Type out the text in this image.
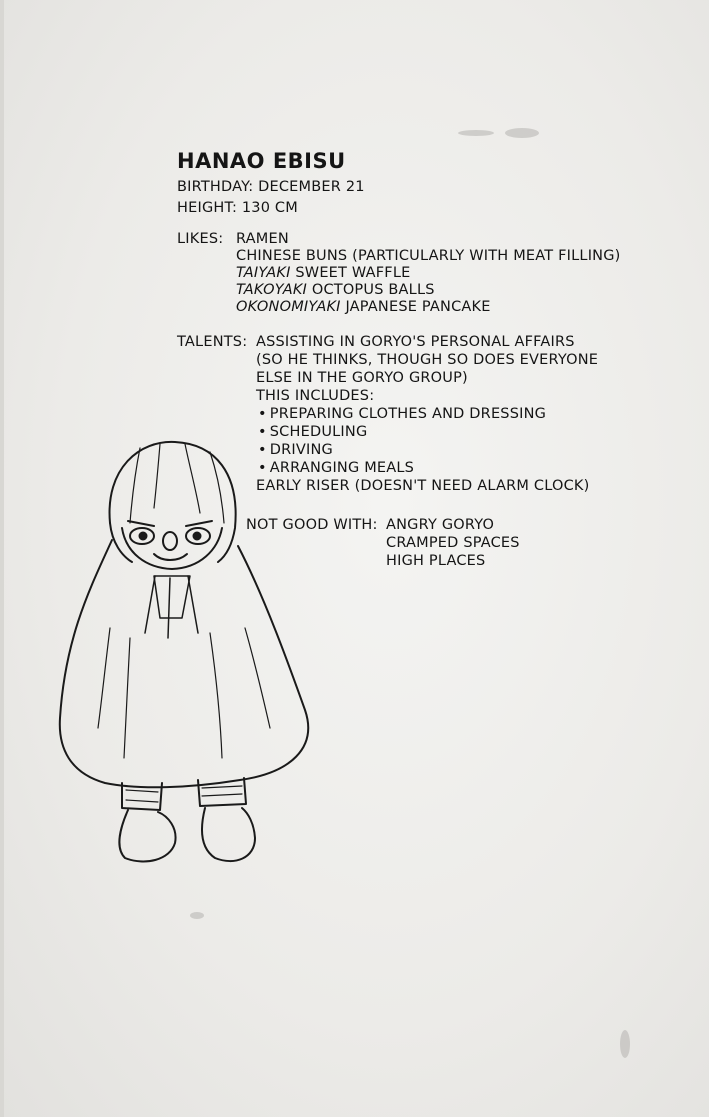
HANAO EBISU
BIRTHDAY: DECEMBER 21
HEIGHT: 130 CM
LIKES: RAMEN
CHINESE BUNS (PARTICULARLY WITH MEAT FILLING)
TAIYAKI SWEET WAFFLE
TAKOYAKI OCTOPUS BALLS
OKONOMIYAKI JAPANESE PANCAKE
TALENTS: ASSISTING IN GORYO'S PERSONAL AFFAIRS
(SO HE THINKS, THOUGH SO DOES EVERYONE
ELSE IN THE GORYO GROUP)
THIS INCLUDES:
• PREPARING CLOTHES AND DRESSING
• SCHEDULING
• DRIVING
• ARRANGING MEALS
EARLY RISER (DOESN'T NEED ALARM CLOCK)
NOT GOOD WITH: ANGRY GORYO
CRAMPED SPACES
HIGH PLACES
